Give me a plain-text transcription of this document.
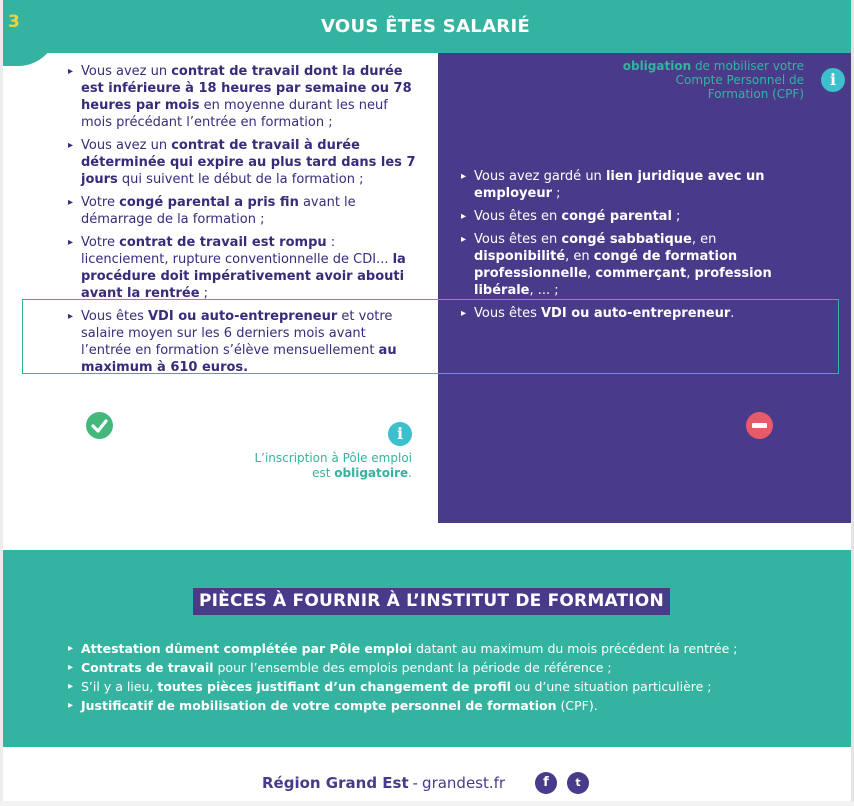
3	VOUS ÊTES SALARIÉ
▸ Vous avez un contrat de travail dont la durée est inférieure à 18 heures par semaine ou 78 heures par mois en moyenne durant les neuf mois précédant l’entrée en formation ;
▸ Vous avez un contrat de travail à durée déterminée qui expire au plus tard dans les 7 jours qui suivent le début de la formation ;
▸ Votre congé parental a pris fin avant le démarrage de la formation ;
▸ Votre contrat de travail est rompu : licenciement, rupture conventionnelle de CDI... la procédure doit impérativement avoir abouti avant la rentrée ;
▸ Vous êtes VDI ou auto-entrepreneur et votre salaire moyen sur les 6 derniers mois avant l’entrée en formation s’élève mensuellement au maximum à 610 euros.
obligation de mobiliser votre Compte Personnel de Formation (CPF)
i
▸ Vous avez gardé un lien juridique avec un employeur ;
▸ Vous êtes en congé parental ;
▸ Vous êtes en congé sabbatique, en disponibilité, en congé de formation professionnelle, commerçant, profession libérale, ... ;
▸ Vous êtes VDI ou auto-entrepreneur.
i
L’inscription à Pôle emploi
est obligatoire.
PIÈCES À FOURNIR À L’INSTITUT DE FORMATION
▸ Attestation dûment complétée par Pôle emploi datant au maximum du mois précédent la rentrée ;
▸ Contrats de travail pour l’ensemble des emplois pendant la période de référence ;
▸ S’il y a lieu, toutes pièces justifiant d’un changement de profil ou d’une situation particulière ;
▸ Justificatif de mobilisation de votre compte personnel de formation (CPF).
Région Grand Est - grandest.fr	f	t
